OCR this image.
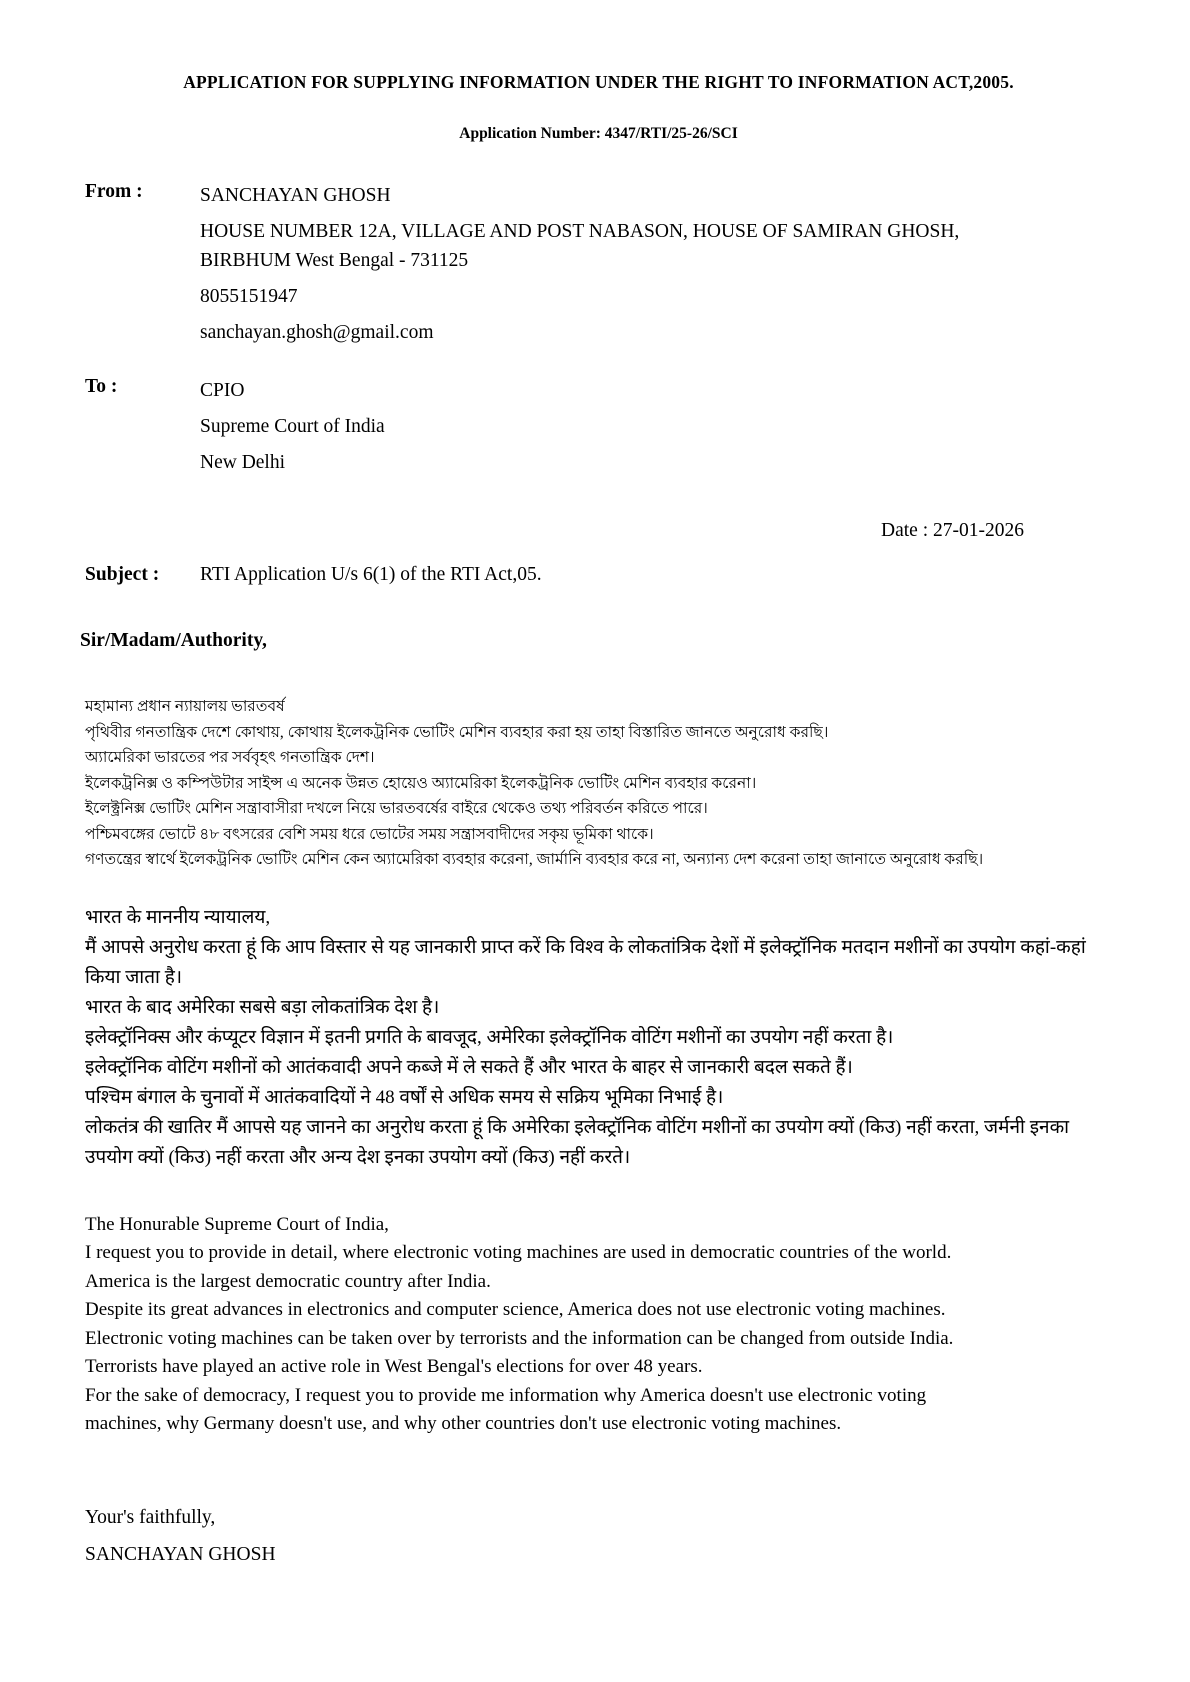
APPLICATION FOR SUPPLYING INFORMATION UNDER THE RIGHT TO INFORMATION ACT,2005.
Application Number: 4347/RTI/25-26/SCI
From :	SANCHAYAN GHOSH

HOUSE NUMBER 12A, VILLAGE AND POST NABASON, HOUSE OF SAMIRAN GHOSH, BIRBHUM West Bengal - 731125

8055151947

sanchayan.ghosh@gmail.com

To :	CPIO

Supreme Court of India

New Delhi

Date : 27-01-2026
Subject :	RTI Application U/s 6(1) of the RTI Act,05.
Sir/Madam/Authority,
মহামান্য প্রধান ন্যায়ালয় ভারতবর্ষ
পৃথিবীর গনতান্ত্রিক দেশে কোথায়, কোথায় ইলেকট্রনিক ভোটিং মেশিন ব্যবহার করা হয় তাহা বিস্তারিত জানতে অনুরোধ করছি।
অ্যামেরিকা ভারতের পর সর্ববৃহৎ গনতান্ত্রিক দেশ।
ইলেকট্রনিক্স ও কম্পিউটার সাইন্স এ অনেক উন্নত হোয়েও অ্যামেরিকা ইলেকট্রনিক ভোটিং মেশিন ব্যবহার করেনা।
ইলেক্ট্রনিক্স ভোটিং মেশিন সন্ত্রাবাসীরা দখলে নিয়ে ভারতবর্ষের বাইরে থেকেও তথ্য পরিবর্তন করিতে পারে।
পশ্চিমবঙ্গের ভোটে ৪৮ বৎসরের বেশি সময় ধরে ভোটের সময় সন্ত্রাসবাদীদের সকৃয় ভূমিকা থাকে।
গণতন্ত্রের স্বার্থে ইলেকট্রনিক ভোটিং মেশিন কেন অ্যামেরিকা ব্যবহার করেনা, জার্মানি ব্যবহার করে না, অন্যান্য দেশ করেনা তাহা জানাতে অনুরোধ করছি।
भारत के माननीय न्यायालय,
मैं आपसे अनुरोध करता हूं कि आप विस्तार से यह जानकारी प्राप्त करें कि विश्व के लोकतांत्रिक देशों में इलेक्ट्रॉनिक मतदान मशीनों का उपयोग कहां-कहां किया जाता है।
भारत के बाद अमेरिका सबसे बड़ा लोकतांत्रिक देश है।
इलेक्ट्रॉनिक्स और कंप्यूटर विज्ञान में इतनी प्रगति के बावजूद, अमेरिका इलेक्ट्रॉनिक वोटिंग मशीनों का उपयोग नहीं करता है।
इलेक्ट्रॉनिक वोटिंग मशीनों को आतंकवादी अपने कब्जे में ले सकते हैं और भारत के बाहर से जानकारी बदल सकते हैं।
पश्चिम बंगाल के चुनावों में आतंकवादियों ने 48 वर्षों से अधिक समय से सक्रिय भूमिका निभाई है।
लोकतंत्र की खातिर मैं आपसे यह जानने का अनुरोध करता हूं कि अमेरिका इलेक्ट्रॉनिक वोटिंग मशीनों का उपयोग क्यों (किउ) नहीं करता, जर्मनी इनका उपयोग क्यों (किउ) नहीं करता और अन्य देश इनका उपयोग क्यों (किउ) नहीं करते।
The Honurable Supreme Court of India,
I request you to provide in detail, where electronic voting machines are used in democratic countries of the world.
America is the largest democratic country after India.
Despite its great advances in electronics and computer science, America does not use electronic voting machines.
Electronic voting machines can be taken over by terrorists and the information can be changed from outside India.
Terrorists have played an active role in West Bengal's elections for over 48 years.
For the sake of democracy, I request you to provide me information why America doesn't use electronic voting machines, why Germany doesn't use, and why other countries don't use electronic voting machines.
Your's faithfully,
SANCHAYAN GHOSH
